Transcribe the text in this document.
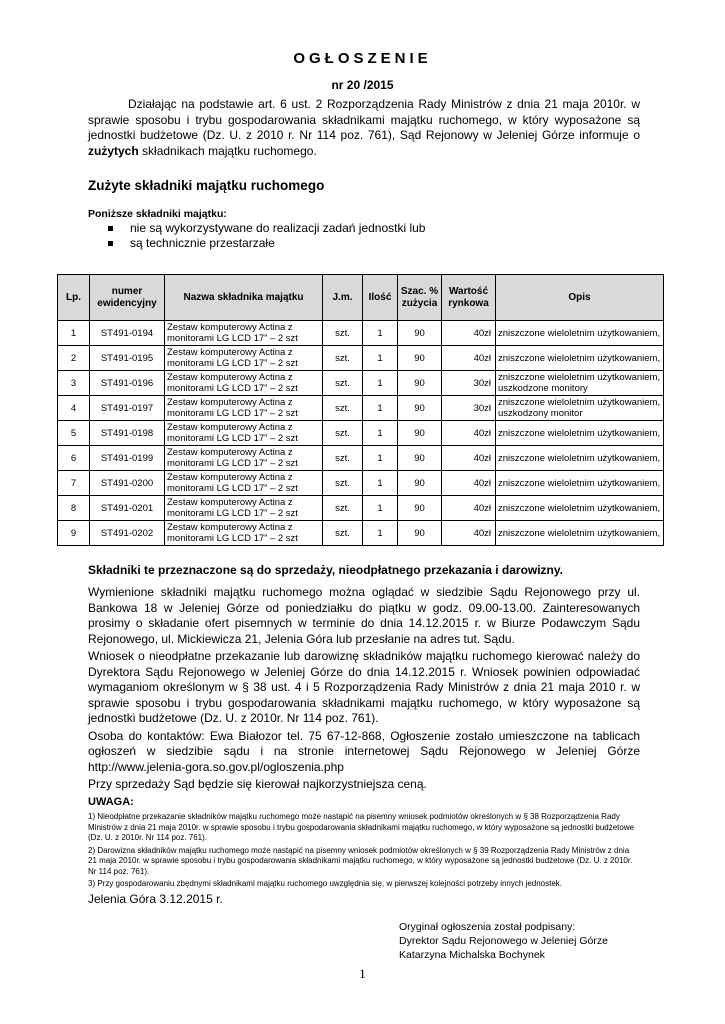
OGŁOSZENIE
nr 20 /2015
Działając na podstawie art. 6 ust. 2 Rozporządzenia Rady Ministrów z dnia 21 maja 2010r. w sprawie sposobu i trybu gospodarowania składnikami majątku ruchomego, w który wyposażone są jednostki budżetowe (Dz. U. z 2010 r. Nr 114 poz. 761), Sąd Rejonowy w Jeleniej Górze informuje o zużytych składnikach majątku ruchomego.
Zużyte składniki majątku ruchomego
Poniższe składniki majątku:
nie są wykorzystywane do realizacji zadań jednostki lub
są technicznie przestarzałe
Lp.	numer ewidencyjny	Nazwa składnika majątku	J.m.	Ilość	Szac. % zużycia	Wartość rynkowa	Opis
1	ST491-0194	Zestaw komputerowy Actina z monitorami LG LCD 17” – 2 szt	szt.	1	90	40zł	zniszczone wieloletnim użytkowaniem,
2	ST491-0195	Zestaw komputerowy Actina z monitorami LG LCD 17” – 2 szt	szt.	1	90	40zł	zniszczone wieloletnim użytkowaniem,
3	ST491-0196	Zestaw komputerowy Actina z monitorami LG LCD 17” – 2 szt	szt.	1	90	30zł	zniszczone wieloletnim użytkowaniem, uszkodzone monitory
4	ST491-0197	Zestaw komputerowy Actina z monitorami LG LCD 17” – 2 szt	szt.	1	90	30zł	zniszczone wieloletnim użytkowaniem, uszkodzony monitor
5	ST491-0198	Zestaw komputerowy Actina z monitorami LG LCD 17” – 2 szt	szt.	1	90	40zł	zniszczone wieloletnim użytkowaniem,
6	ST491-0199	Zestaw komputerowy Actina z monitorami LG LCD 17” – 2 szt	szt.	1	90	40zł	zniszczone wieloletnim użytkowaniem,
7	ST491-0200	Zestaw komputerowy Actina z monitorami LG LCD 17” – 2 szt	szt.	1	90	40zł	zniszczone wieloletnim użytkowaniem,
8	ST491-0201	Zestaw komputerowy Actina z monitorami LG LCD 17” – 2 szt	szt.	1	90	40zł	zniszczone wieloletnim użytkowaniem,
9	ST491-0202	Zestaw komputerowy Actina z monitorami LG LCD 17” – 2 szt	szt.	1	90	40zł	zniszczone wieloletnim użytkowaniem,
Składniki te przeznaczone są do sprzedaży, nieodpłatnego przekazania i darowizny.

Wymienione składniki majątku ruchomego można oglądać w siedzibie Sądu Rejonowego przy ul. Bankowa 18 w Jeleniej Górze od poniedziałku do piątku w godz. 09.00-13.00. Zainteresowanych prosimy o składanie ofert pisemnych w terminie do dnia 14.12.2015 r. w Biurze Podawczym Sądu Rejonowego, ul. Mickiewicza 21, Jelenia Góra lub przesłanie na adres tut. Sądu.

Wniosek o nieodpłatne przekazanie lub darowiznę składników majątku ruchomego kierować należy do Dyrektora Sądu Rejonowego w Jeleniej Górze do dnia 14.12.2015 r. Wniosek powinien odpowiadać wymaganiom określonym w § 38 ust. 4 i 5 Rozporządzenia Rady Ministrów z dnia 21 maja 2010 r. w sprawie sposobu i trybu gospodarowania składnikami majątku ruchomego, w który wyposażone są jednostki budżetowe (Dz. U. z 2010r. Nr 114 poz. 761).

Osoba do kontaktów: Ewa Białozor tel. 75 67-12-868, Ogłoszenie zostało umieszczone na tablicach ogłoszeń w siedzibie sądu i na stronie internetowej Sądu Rejonowego w Jeleniej Górze http://www.jelenia-gora.so.gov.pl/ogloszenia.php

Przy sprzedaży Sąd będzie się kierował najkorzystniejsza ceną.

UWAGA:

1) Nieodpłatne przekazanie składników majątku ruchomego może nastąpić na pisemny wniosek podmiotów określonych w § 38 Rozporządzenia Rady Ministrów z dnia 21 maja 2010r. w sprawie sposobu i trybu gospodarowania składnikami majątku ruchomego, w który wyposażone są jednostki budżetowe (Dz. U. z 2010r. Nr 114 poz. 761).

2) Darowizna składników majątku ruchomego może nastąpić na pisemny wniosek podmiotów określonych w § 39 Rozporządzenia Rady Ministrów z dnia 21 maja 2010r. w sprawie sposobu i trybu gospodarowania składnikami majątku ruchomego, w który wyposażone są jednostki budżetowe (Dz. U. z 2010r. Nr 114 poz. 761).

3) Przy gospodarowaniu zbędnymi składnikami majątku ruchomego uwzględnia się, w pierwszej kolejności potrzeby innych jednostek.

Jelenia Góra 3.12.2015 r.

Oryginał ogłoszenia został podpisany:
Dyrektor Sądu Rejonowego w Jeleniej Górze
Katarzyna Michalska Bochynek
1
